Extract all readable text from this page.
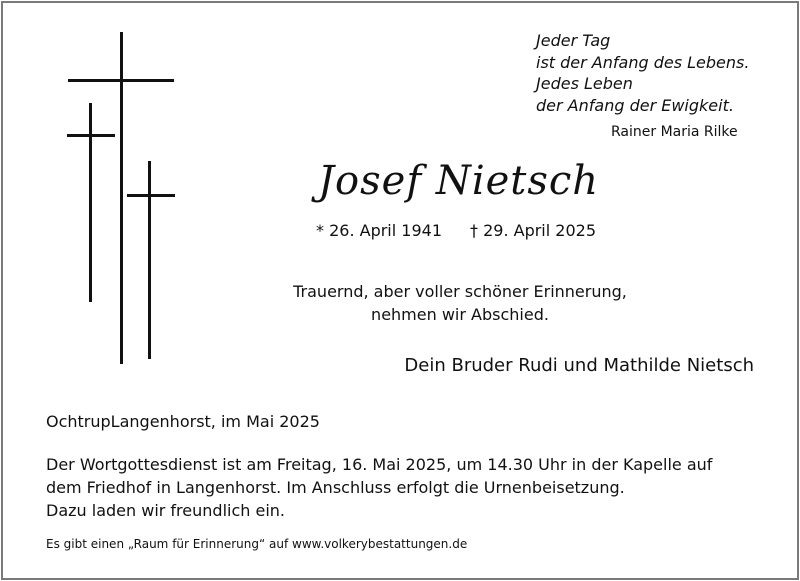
Jeder Tag
ist der Anfang des Lebens.
Jedes Leben
der Anfang der Ewigkeit.
Rainer Maria Rilke
Josef Nietsch
* 26. April 1941 † 29. April 2025
Trauernd, aber voller schöner Erinnerung,
nehmen wir Abschied.
Dein Bruder Rudi und Mathilde Nietsch
OchtrupLangenhorst, im Mai 2025
Der Wortgottesdienst ist am Freitag, 16. Mai 2025, um 14.30 Uhr in der Kapelle auf
dem Friedhof in Langenhorst. Im Anschluss erfolgt die Urnenbeisetzung.
Dazu laden wir freundlich ein.
Es gibt einen „Raum für Erinnerung“ auf www.volkerybestattungen.de
